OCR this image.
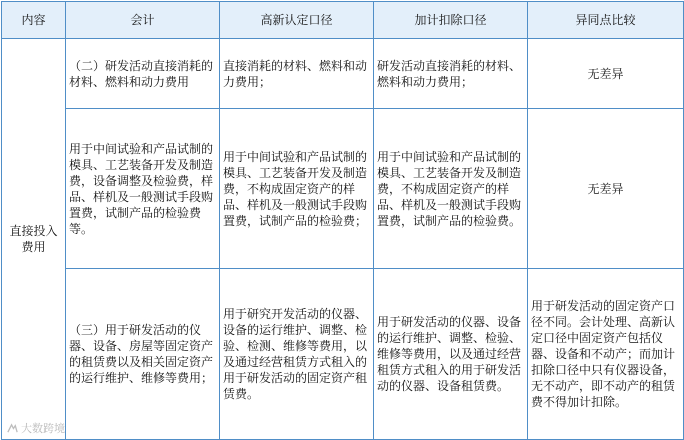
内容	会计	高新认定口径	加计扣除口径	异同点比较
直接投入费用	（二）研发活动直接消耗的材料、燃料和动力费用	直接消耗的材料、燃料和动力费用；	研发活动直接消耗的材料、燃料和动力费用；	无差异
	用于中间试验和产品试制的模具、工艺装备开发及制造费，设备调整及检验费，样品、样机及一般测试手段购置费，试制产品的检验费等。	用于中间试验和产品试制的模具、工艺装备开发及制造费，不构成固定资产的样品、样机及一般测试手段购置费，试制产品的检验费；	用于中间试验和产品试制的模具、工艺装备开发及制造费，不构成固定资产的样品、样机及一般测试手段购置费，试制产品的检验费。	无差异
	（三）用于研发活动的仪器、设备、房屋等固定资产的租赁费以及相关固定资产的运行维护、维修等费用；	用于研究开发活动的仪器、设备的运行维护、调整、检验、检测、维修等费用，以及通过经营租赁方式租入的用于研发活动的固定资产租赁费。	用于研发活动的仪器、设备的运行维护、调整、检验、维修等费用，以及通过经营租赁方式租入的用于研发活动的仪器、设备租赁费。	用于研发活动的固定资产口径不同。会计处理、高新认定口径中固定资产包括仪器、设备和不动产；而加计扣除口径中只有仪器设备，无不动产，即不动产的租赁费不得加计扣除。
大数跨境
